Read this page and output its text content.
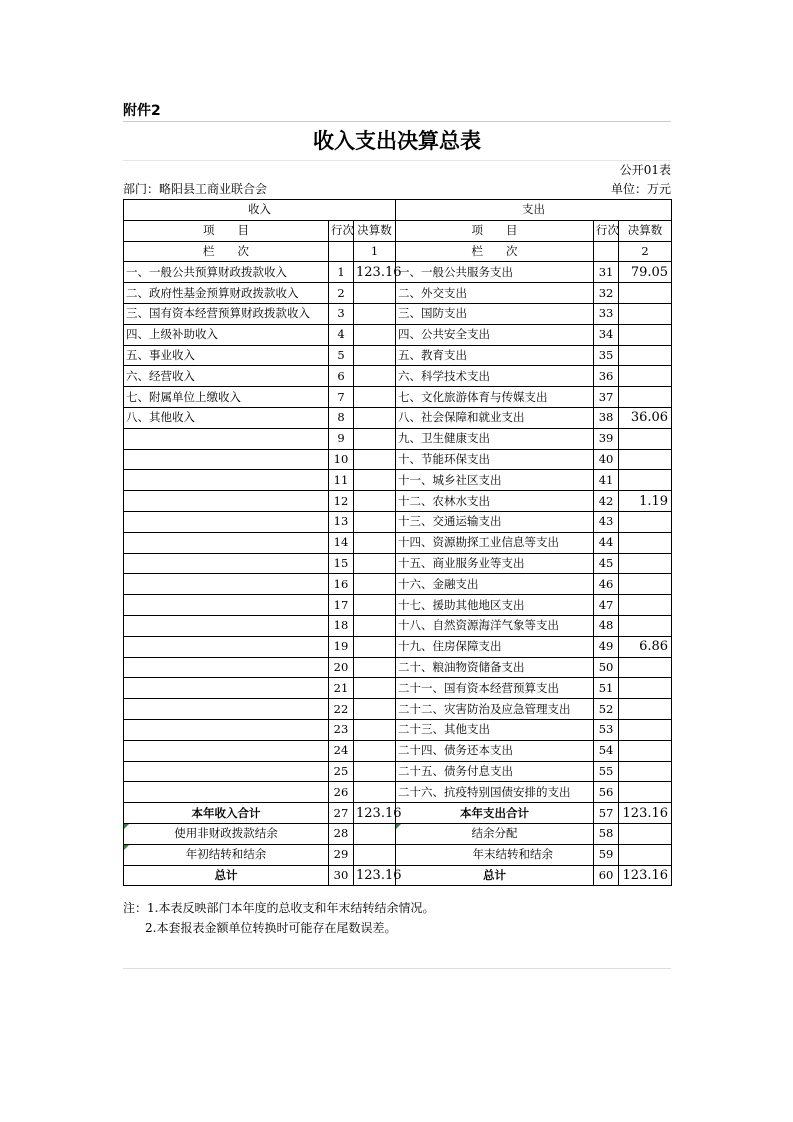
附件2
收入支出决算总表
公开01表
部门：略阳县工商业联合会	单位：万元
收入			支出		
项　　目	行次	决算数	项　　目	行次	决算数
栏　　次		1	栏　　次		2
一、一般公共预算财政拨款收入	1	123.16	一、一般公共服务支出	31	79.05
二、政府性基金预算财政拨款收入	2		二、外交支出	32	
三、国有资本经营预算财政拨款收入	3		三、国防支出	33	
四、上级补助收入	4		四、公共安全支出	34	
五、事业收入	5		五、教育支出	35	
六、经营收入	6		六、科学技术支出	36	
七、附属单位上缴收入	7		七、文化旅游体育与传媒支出	37	
八、其他收入	8		八、社会保障和就业支出	38	36.06
	9		九、卫生健康支出	39	
	10		十、节能环保支出	40	
	11		十一、城乡社区支出	41	
	12		十二、农林水支出	42	1.19
	13		十三、交通运输支出	43	
	14		十四、资源勘探工业信息等支出	44	
	15		十五、商业服务业等支出	45	
	16		十六、金融支出	46	
	17		十七、援助其他地区支出	47	
	18		十八、自然资源海洋气象等支出	48	
	19		十九、住房保障支出	49	6.86
	20		二十、粮油物资储备支出	50	
	21		二十一、国有资本经营预算支出	51	
	22		二十二、灾害防治及应急管理支出	52	
	23		二十三、其他支出	53	
	24		二十四、债务还本支出	54	
	25		二十五、债务付息支出	55	
	26		二十六、抗疫特别国债安排的支出	56	
本年收入合计	27	123.16	本年支出合计	57	123.16
使用非财政拨款结余	28		结余分配	58	
年初结转和结余	29		年末结转和结余	59	
总计	30	123.16	总计	60	123.16
注：1.本表反映部门本年度的总收支和年末结转结余情况。
2.本套报表金额单位转换时可能存在尾数误差。
